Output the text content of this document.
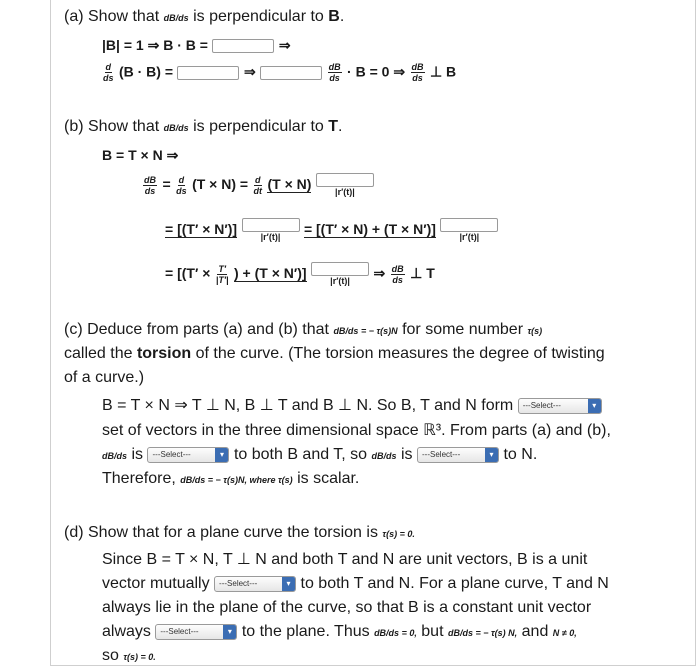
(a) Show that dB/ds is perpendicular to B.
|B| = 1 ⇒ B · B =	⇒
$\frac{d}{ds} (B \cdot B)$ =	⇒	$\frac{dB}{ds} \cdot B = 0$ ⇒ $\frac{dB}{ds}$ ⊥ B
(b) Show that dB/ds is perpendicular to T.
B = T × N ⇒
$\frac{dB}{ds} = \frac{d}{ds} (T \times N) = \frac{d}{dt} (T \times N)$	|r′(t)|
= [(T′ × N′)]	|r′(t)| = [(T′ × N) + (T × N′)]	|r′(t)|
= [($T' \times \frac{T'}{|T'|}$ ) + (T × N′)]	|r′(t)| ⇒ $\frac{dB}{ds}$ ⊥ T
(c) Deduce from parts (a) and (b) that dB/ds = − τ(s)N for some number τ(s)
called the torsion of the curve. (The torsion measures the degree of twisting
of a curve.)
B = T × N ⇒ T ⊥ N, B ⊥ T and B ⊥ N. So B, T and N form ---Select---	▾
set of vectors in the three dimensional space ℝ³. From parts (a) and (b),
dB/ds is ---Select---	▾ to both B and T, so dB/ds is ---Select---	▾ to N.
Therefore, dB/ds = − τ(s)N, where τ(s) is scalar.
(d) Show that for a plane curve the torsion is τ(s) = 0.
Since B = T × N, T ⊥ N and both T and N are unit vectors, B is a unit
vector mutually ---Select---	▾ to both T and N. For a plane curve, T and N
always lie in the plane of the curve, so that B is a constant unit vector
always ---Select---	▾ to the plane. Thus dB/ds = 0, but dB/ds = − τ(s) N, and N ≠ 0,
so τ(s) = 0.
